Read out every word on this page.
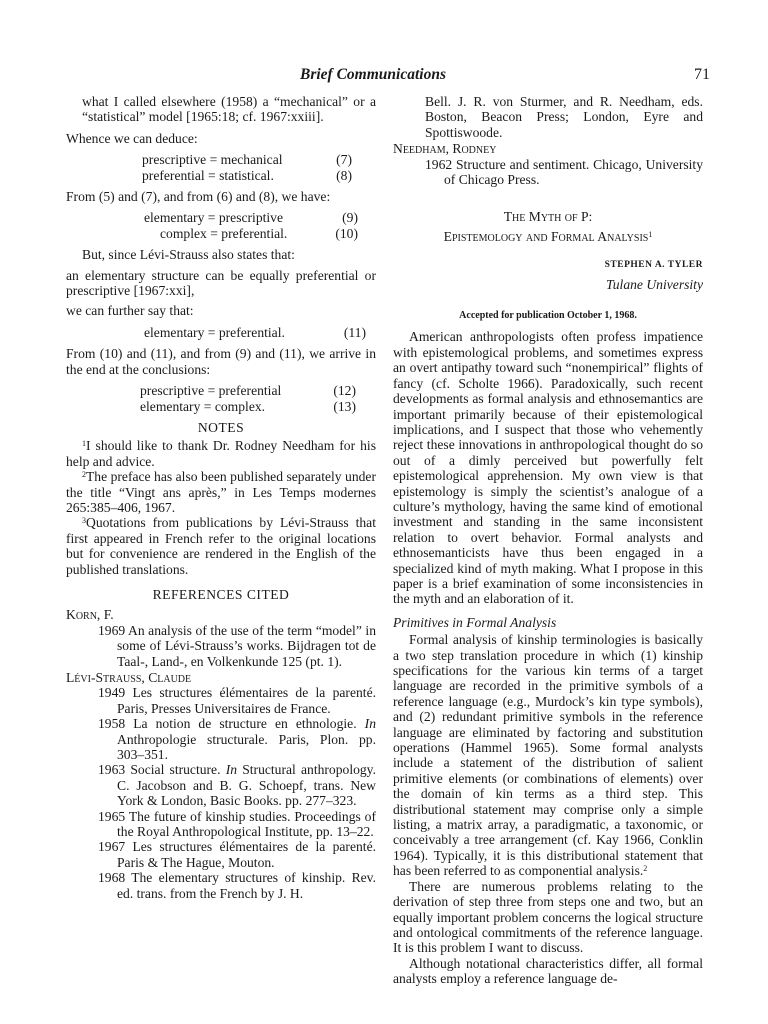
Brief Communications	71

what I called elsewhere (1958) a “mechanical” or a “statistical” model [1965:18; cf. 1967:xxiii].

Whence we can deduce:

prescriptive = mechanical	(7)
preferential = statistical.	(8)

From (5) and (7), and from (6) and (8), we have:

elementary = prescriptive	(9)
complex = preferential.	(10)

But, since Lévi-Strauss also states that:

an elementary structure can be equally preferential or prescriptive [1967:xxi],

we can further say that:

elementary = preferential.	(11)

From (10) and (11), and from (9) and (11), we arrive in the end at the conclusions:

prescriptive = preferential	(12)
elementary = complex.	(13)

NOTES

$^1$I should like to thank Dr. Rodney Needham for his help and advice.

$^2$The preface has also been published separately under the title “Vingt ans après,” in Les Temps modernes 265:385–406, 1967.

$^3$Quotations from publications by Lévi-Strauss that first appeared in French refer to the original locations but for convenience are rendered in the English of the published translations.

REFERENCES CITED

Korn, F.

1969 An analysis of the use of the term “model” in some of Lévi-Strauss’s works. Bijdragen tot de Taal-, Land-, en Volkenkunde 125 (pt. 1).

Lévi-Strauss, Claude

1949 Les structures élémentaires de la parenté. Paris, Presses Universitaires de France.

1958 La notion de structure en ethnologie. In Anthropologie structurale. Paris, Plon. pp. 303–351.

1963 Social structure. In Structural anthropology. C. Jacobson and B. G. Schoepf, trans. New York & London, Basic Books. pp. 277–323.

1965 The future of kinship studies. Proceedings of the Royal Anthropological Institute, pp. 13–22.

1967 Les structures élémentaires de la parenté. Paris & The Hague, Mouton.

1968 The elementary structures of kinship. Rev. ed. trans. from the French by J. H.

Bell. J. R. von Sturmer, and R. Needham, eds. Boston, Beacon Press; London, Eyre and Spottiswoode.

Needham, Rodney

1962 Structure and sentiment. Chicago, University of Chicago Press.

The Myth of P:

Epistemology and Formal Analysis$^1$

STEPHEN A. TYLER

Tulane University

Accepted for publication October 1, 1968.

American anthropologists often profess impatience with epistemological problems, and sometimes express an overt antipathy toward such “nonempirical” flights of fancy (cf. Scholte 1966). Paradoxically, such recent developments as formal analysis and ethnosemantics are important primarily because of their epistemological implications, and I suspect that those who vehemently reject these innovations in anthropological thought do so out of a dimly perceived but powerfully felt epistemological apprehension. My own view is that epistemology is simply the scientist’s analogue of a culture’s mythology, having the same kind of emotional investment and standing in the same inconsistent relation to overt behavior. Formal analysts and ethnosemanticists have thus been engaged in a specialized kind of myth making. What I propose in this paper is a brief examination of some inconsistencies in the myth and an elaboration of it.

Primitives in Formal Analysis

Formal analysis of kinship terminologies is basically a two step translation procedure in which (1) kinship specifications for the various kin terms of a target language are recorded in the primitive symbols of a reference language (e.g., Murdock’s kin type symbols), and (2) redundant primitive symbols in the reference language are eliminated by factoring and substitution operations (Hammel 1965). Some formal analysts include a statement of the distribution of salient primitive elements (or combinations of elements) over the domain of kin terms as a third step. This distributional statement may comprise only a simple listing, a matrix array, a paradigmatic, a taxonomic, or conceivably a tree arrangement (cf. Kay 1966, Conklin 1964). Typically, it is this distributional statement that has been referred to as componential analysis.$^2$

There are numerous problems relating to the derivation of step three from steps one and two, but an equally important problem concerns the logical structure and ontological commitments of the reference language. It is this problem I want to discuss.

Although notational characteristics differ, all formal analysts employ a reference language de-
